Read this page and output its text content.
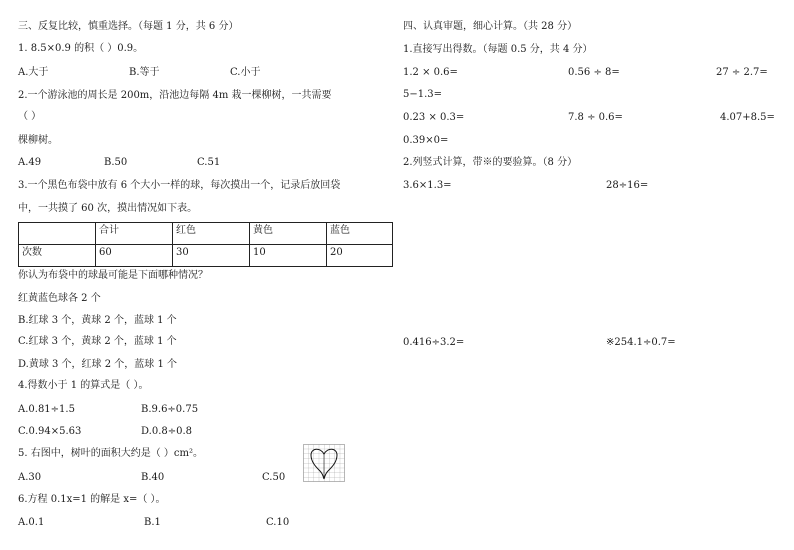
三、反复比较，慎重选择。（每题 1 分，共 6 分）
1. 8.5×0.9 的积（ ）0.9。
A.大于	B.等于	C.小于
2.一个游泳池的周长是 200m，沿池边每隔 4m 栽一棵柳树，一共需要
（ ）
棵柳树。
A.49	B.50	C.51
3.一个黑色布袋中放有 6 个大小一样的球，每次摸出一个，记录后放回袋
中，一共摸了 60 次，摸出情况如下表。
	合计	红色	黄色	蓝色
次数	60	30	10	20
你认为布袋中的球最可能是下面哪种情况？
红黄蓝色球各 2 个
B.红球 3 个，黄球 2 个，蓝球 1 个
C.红球 3 个，黄球 2 个，蓝球 1 个
D.黄球 3 个，红球 2 个，蓝球 1 个
4.得数小于 1 的算式是（ ）。
A.0.81÷1.5	B.9.6÷0.75
C.0.94×5.63	D.0.8÷0.8
5. 右图中，树叶的面积大约是（ ）cm²。
A.30	B.40	C.50
6.方程 0.1x=1 的解是 x=（ ）。
A.0.1	B.1	C.10
四、认真审题，细心计算。（共 28 分）
1.直接写出得数。（每题 0.5 分，共 4 分）
1.2 × 0.6=	0.56 ÷ 8=	27 ÷ 2.7=
5−1.3=
0.23 × 0.3=	7.8 ÷ 0.6=	4.07+8.5=
0.39×0=
2.列竖式计算，带※的要验算。（8 分）
3.6×1.3=	28÷16=
0.416÷3.2=	※254.1÷0.7=
